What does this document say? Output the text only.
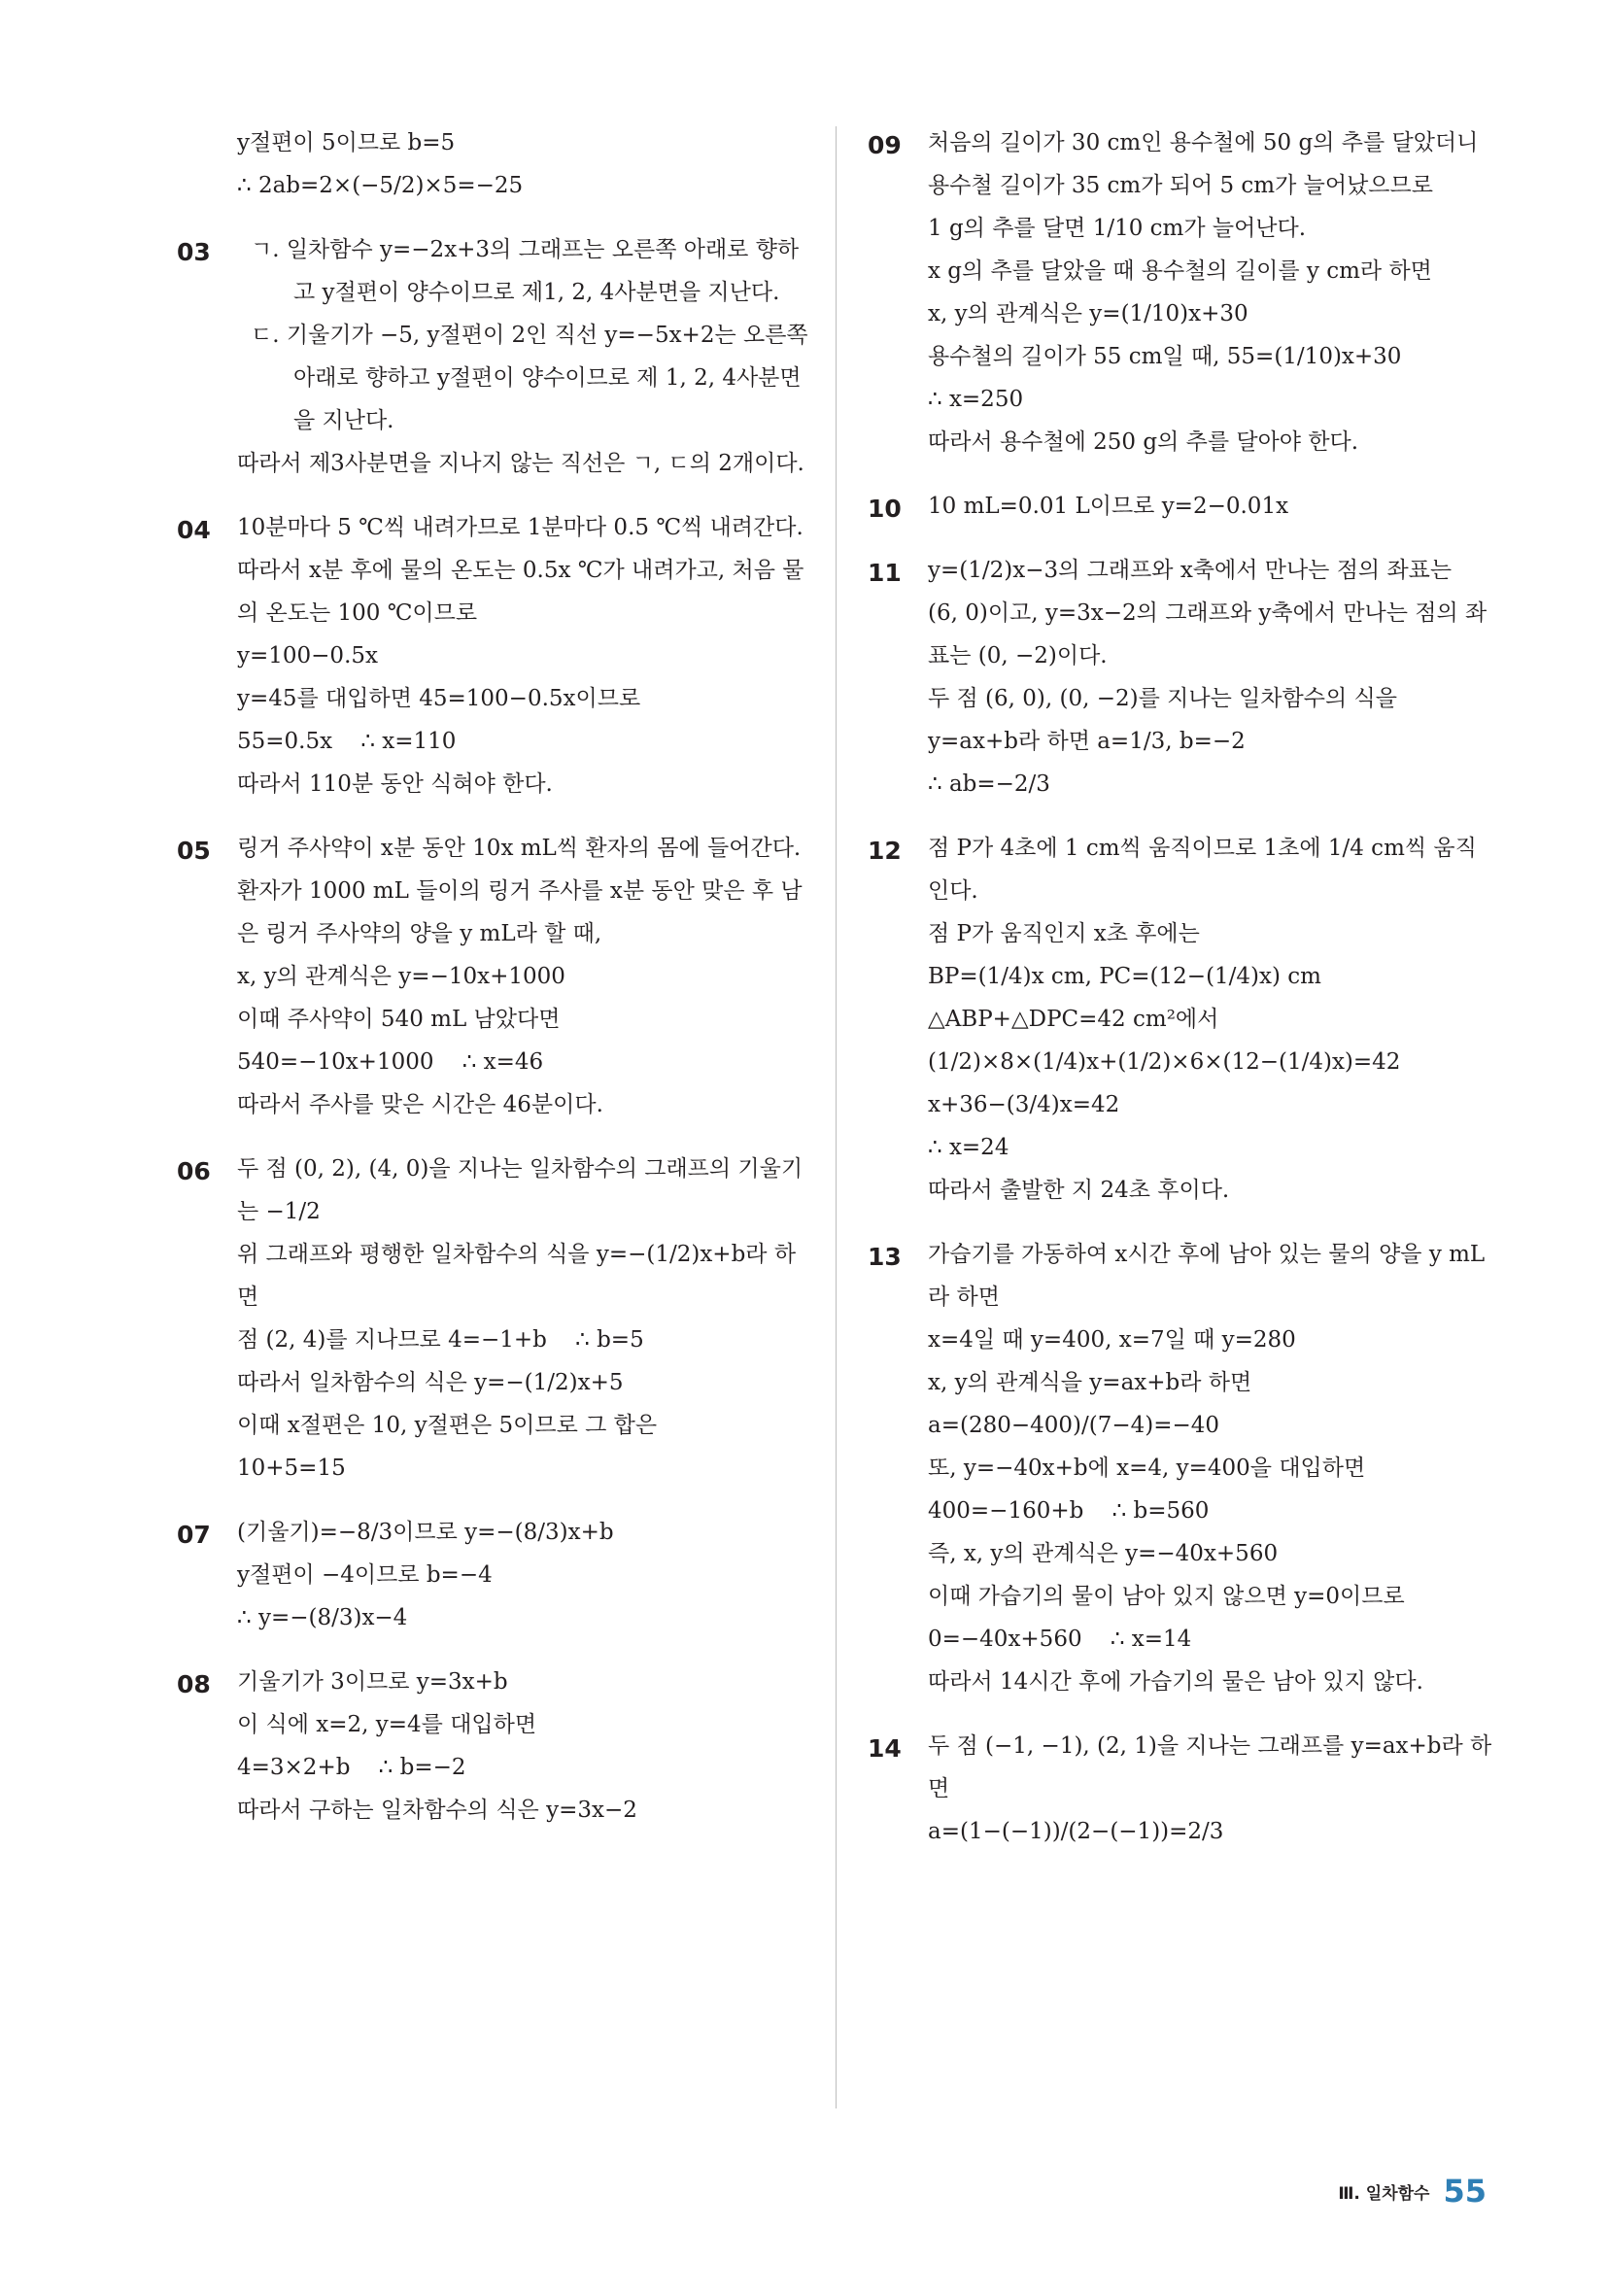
y절편이 5이므로 b=5
∴ 2ab=2×(−5/2)×5=−25
03	ㄱ. 일차함수 y=−2x+3의 그래프는 오른쪽 아래로 향하고 y절편이 양수이므로 제1, 2, 4사분면을 지난다.
ㄷ. 기울기가 −5, y절편이 2인 직선 y=−5x+2는 오른쪽 아래로 향하고 y절편이 양수이므로 제 1, 2, 4사분면을 지난다.
따라서 제3사분면을 지나지 않는 직선은 ㄱ, ㄷ의 2개이다.
04 10분마다 5 ℃씩 내려가므로 1분마다 0.5 ℃씩 내려간다.
따라서 x분 후에 물의 온도는 0.5x ℃가 내려가고, 처음 물의 온도는 100 ℃이므로
y=100−0.5x
y=45를 대입하면 45=100−0.5x이므로
55=0.5x    ∴ x=110
따라서 110분 동안 식혀야 한다.
05 링거 주사약이 x분 동안 10x mL씩 환자의 몸에 들어간다.
환자가 1000 mL 들이의 링거 주사를 x분 동안 맞은 후 남은 링거 주사약의 양을 y mL라 할 때,
x, y의 관계식은 y=−10x+1000
이때 주사약이 540 mL 남았다면
540=−10x+1000    ∴ x=46
따라서 주사를 맞은 시간은 46분이다.
06 두 점 (0, 2), (4, 0)을 지나는 일차함수의 그래프의 기울기는 −1/2
위 그래프와 평행한 일차함수의 식을 y=−(1/2)x+b라 하면
점 (2, 4)를 지나므로 4=−1+b    ∴ b=5
따라서 일차함수의 식은 y=−(1/2)x+5
이때 x절편은 10, y절편은 5이므로 그 합은
10+5=15
07 (기울기)=−8/3이므로 y=−(8/3)x+b
y절편이 −4이므로 b=−4
∴ y=−(8/3)x−4
08 기울기가 3이므로 y=3x+b
이 식에 x=2, y=4를 대입하면
4=3×2+b    ∴ b=−2
따라서 구하는 일차함수의 식은 y=3x−2
09 처음의 길이가 30 cm인 용수철에 50 g의 추를 달았더니 용수철 길이가 35 cm가 되어 5 cm가 늘어났으므로
1 g의 추를 달면 1/10 cm가 늘어난다.
x g의 추를 달았을 때 용수철의 길이를 y cm라 하면
x, y의 관계식은 y=(1/10)x+30
용수철의 길이가 55 cm일 때, 55=(1/10)x+30
∴ x=250
따라서 용수철에 250 g의 추를 달아야 한다.
10 10 mL=0.01 L이므로 y=2−0.01x
11 y=(1/2)x−3의 그래프와 x축에서 만나는 점의 좌표는
(6, 0)이고, y=3x−2의 그래프와 y축에서 만나는 점의 좌표는 (0, −2)이다.
두 점 (6, 0), (0, −2)를 지나는 일차함수의 식을
y=ax+b라 하면 a=1/3, b=−2
∴ ab=−2/3
12 점 P가 4초에 1 cm씩 움직이므로 1초에 1/4 cm씩 움직인다.
점 P가 움직인지 x초 후에는
BP=(1/4)x cm, PC=(12−(1/4)x) cm
△ABP+△DPC=42 cm²에서
(1/2)×8×(1/4)x+(1/2)×6×(12−(1/4)x)=42
x+36−(3/4)x=42
∴ x=24
따라서 출발한 지 24초 후이다.
13 가습기를 가동하여 x시간 후에 남아 있는 물의 양을 y mL라 하면
x=4일 때 y=400, x=7일 때 y=280
x, y의 관계식을 y=ax+b라 하면
a=(280−400)/(7−4)=−40
또, y=−40x+b에 x=4, y=400을 대입하면
400=−160+b    ∴ b=560
즉, x, y의 관계식은 y=−40x+560
이때 가습기의 물이 남아 있지 않으면 y=0이므로
0=−40x+560    ∴ x=14
따라서 14시간 후에 가습기의 물은 남아 있지 않다.
14 두 점 (−1, −1), (2, 1)을 지나는 그래프를 y=ax+b라 하면
a=(1−(−1))/(2−(−1))=2/3
Ⅲ. 일차함수 55
